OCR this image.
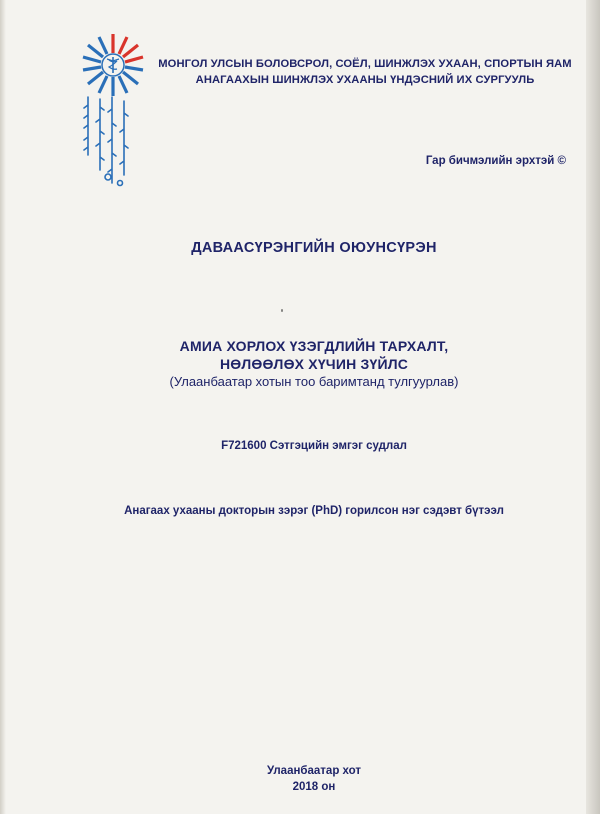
МОНГОЛ УЛСЫН БОЛОВСРОЛ, СОЁЛ, ШИНЖЛЭХ УХААН, СПОРТЫН ЯАМ
АНАГААХЫН ШИНЖЛЭХ УХААНЫ ҮНДЭСНИЙ ИХ СУРГУУЛЬ
Гар бичмэлийн эрхтэй ©
ДАВААСҮРЭНГИЙН ОЮУНСҮРЭН
АМИА ХОРЛОХ ҮЗЭГДЛИЙН ТАРХАЛТ,
НӨЛӨӨЛӨХ ХҮЧИН ЗҮЙЛС
(Улаанбаатар хотын тоо баримтанд тулгуурлав)
F721600 Сэтгэцийн эмгэг судлал
Анагаах ухааны докторын зэрэг (PhD) горилсон нэг сэдэвт бүтээл
Улаанбаатар хот
2018 он
